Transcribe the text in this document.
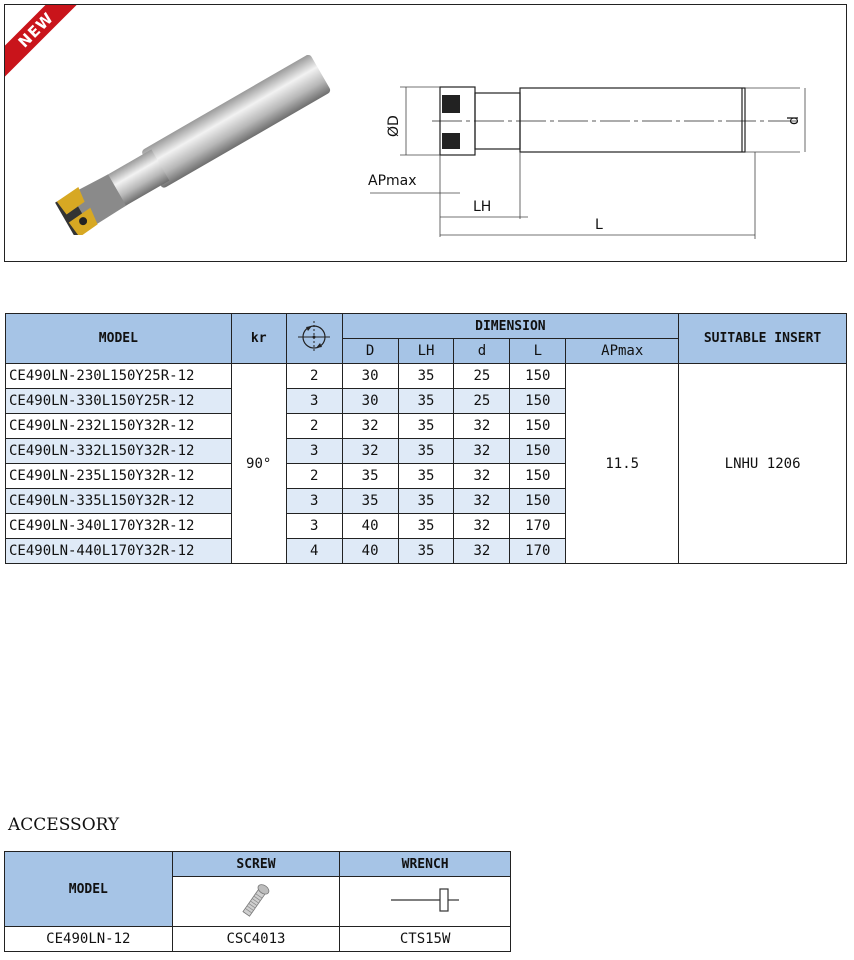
NEW
ØD	d
APmax
LH
L
MODEL	kr		DIMENSION					SUITABLE INSERT
			D	LH	d	L	APmax	
CE490LN-230L150Y25R-12	90°	2	30	35	25	150	11.5	LNHU 1206
CE490LN-330L150Y25R-12		3	30	35	25	150		
CE490LN-232L150Y32R-12		2	32	35	32	150		
CE490LN-332L150Y32R-12		3	32	35	32	150		
CE490LN-235L150Y32R-12		2	35	35	32	150		
CE490LN-335L150Y32R-12		3	35	35	32	150		
CE490LN-340L170Y32R-12		3	40	35	32	170		
CE490LN-440L170Y32R-12		4	40	35	32	170		
ACCESSORY
MODEL	SCREW	WRENCH

CE490LN-12	CSC4013	CTS15W
